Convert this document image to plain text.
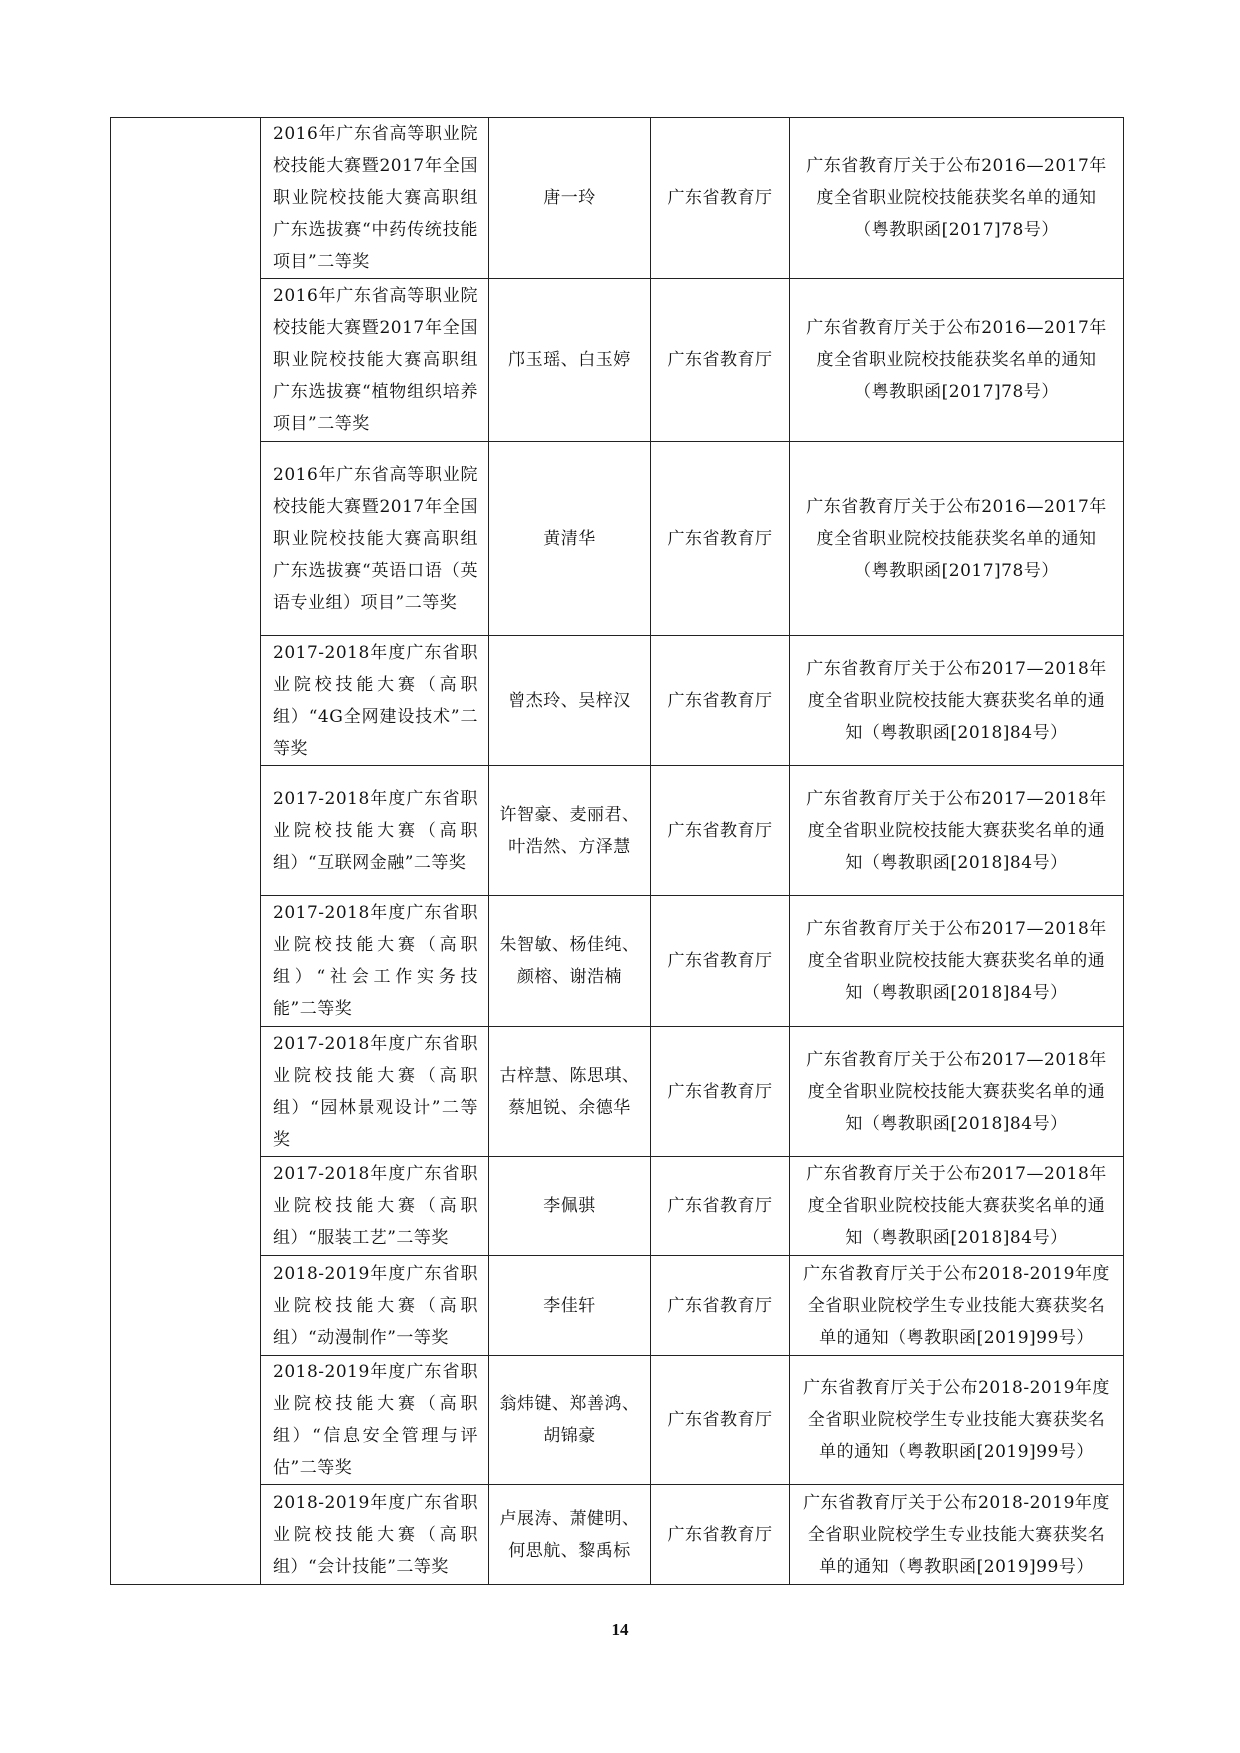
	2016年广东省高等职业院校技能大赛暨2017年全国职业院校技能大赛高职组广东选拔赛“中药传统技能项目”二等奖	唐一玲	广东省教育厅	广东省教育厅关于公布2016—2017年度全省职业院校技能获奖名单的通知（粤教职函[2017]78号）
	2016年广东省高等职业院校技能大赛暨2017年全国职业院校技能大赛高职组广东选拔赛“植物组织培养项目”二等奖	邝玉瑶、白玉婷	广东省教育厅	广东省教育厅关于公布2016—2017年度全省职业院校技能获奖名单的通知（粤教职函[2017]78号）
	2016年广东省高等职业院校技能大赛暨2017年全国职业院校技能大赛高职组广东选拔赛“英语口语（英语专业组）项目”二等奖	黄清华	广东省教育厅	广东省教育厅关于公布2016—2017年度全省职业院校技能获奖名单的通知（粤教职函[2017]78号）
	2017-2018年度广东省职业院校技能大赛（高职组）“4G全网建设技术”二等奖	曾杰玲、吴梓汉	广东省教育厅	广东省教育厅关于公布2017—2018年度全省职业院校技能大赛获奖名单的通知（粤教职函[2018]84号）
	2017-2018年度广东省职业院校技能大赛（高职组）“互联网金融”二等奖	许智豪、麦丽君、叶浩然、方泽慧	广东省教育厅	广东省教育厅关于公布2017—2018年度全省职业院校技能大赛获奖名单的通知（粤教职函[2018]84号）
	2017-2018年度广东省职业院校技能大赛（高职组）“社会工作实务技能”二等奖	朱智敏、杨佳纯、颜榕、谢浩楠	广东省教育厅	广东省教育厅关于公布2017—2018年度全省职业院校技能大赛获奖名单的通知（粤教职函[2018]84号）
	2017-2018年度广东省职业院校技能大赛（高职组）“园林景观设计”二等奖	古梓慧、陈思琪、蔡旭锐、余德华	广东省教育厅	广东省教育厅关于公布2017—2018年度全省职业院校技能大赛获奖名单的通知（粤教职函[2018]84号）
	2017-2018年度广东省职业院校技能大赛（高职组）“服装工艺”二等奖	李佩骐	广东省教育厅	广东省教育厅关于公布2017—2018年度全省职业院校技能大赛获奖名单的通知（粤教职函[2018]84号）
	2018-2019年度广东省职业院校技能大赛（高职组）“动漫制作”一等奖	李佳轩	广东省教育厅	广东省教育厅关于公布2018-2019年度全省职业院校学生专业技能大赛获奖名单的通知（粤教职函[2019]99号）
	2018-2019年度广东省职业院校技能大赛（高职组）“信息安全管理与评估”二等奖	翁炜键、郑善鸿、胡锦豪	广东省教育厅	广东省教育厅关于公布2018-2019年度全省职业院校学生专业技能大赛获奖名单的通知（粤教职函[2019]99号）
	2018-2019年度广东省职业院校技能大赛（高职组）“会计技能”二等奖	卢展涛、萧健明、何思航、黎禹标	广东省教育厅	广东省教育厅关于公布2018-2019年度全省职业院校学生专业技能大赛获奖名单的通知（粤教职函[2019]99号）
14
